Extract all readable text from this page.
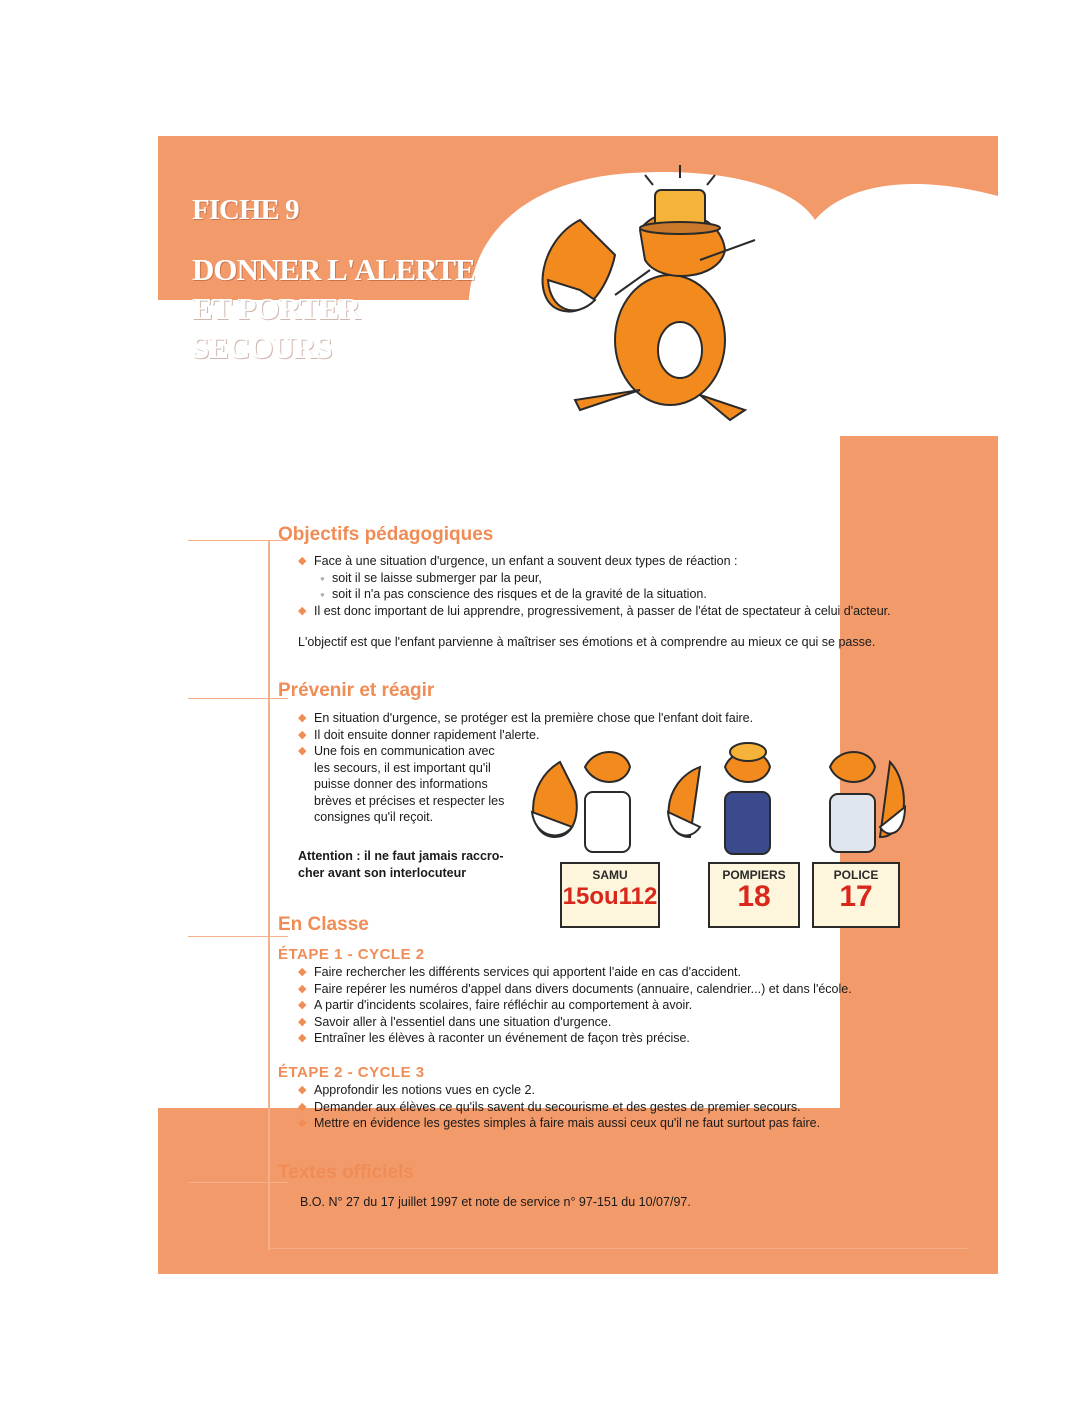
FICHE 9
DONNER L'ALERTE
ET PORTER
SECOURS
Objectifs pédagogiques
◆ Face à une situation d'urgence, un enfant a souvent deux types de réaction :
● soit il se laisse submerger par la peur,
● soit il n'a pas conscience des risques et de la gravité de la situation.
◆ Il est donc important de lui apprendre, progressivement, à passer de l'état de spectateur à celui d'acteur.
L'objectif est que l'enfant parvienne à maîtriser ses émotions et à comprendre au mieux ce qui se passe.
Prévenir et réagir
◆ En situation d'urgence, se protéger est la première chose que l'enfant doit faire.
◆ Il doit ensuite donner rapidement l'alerte.
◆ Une fois en communication avec
les secours, il est important qu'il
puisse donner des informations
brèves et précises et respecter les
consignes qu'il reçoit.
Attention : il ne faut jamais raccro-
cher avant son interlocuteur	SAMU
15ou112
POMPIERS
18
POLICE
17
En Classe
ÉTAPE 1 - CYCLE 2
◆ Faire rechercher les différents services qui apportent l'aide en cas d'accident.
◆ Faire repérer les numéros d'appel dans divers documents (annuaire, calendrier...) et dans l'école.
◆ A partir d'incidents scolaires, faire réfléchir au comportement à avoir.
◆ Savoir aller à l'essentiel dans une situation d'urgence.
◆ Entraîner les élèves à raconter un événement de façon très précise.
ÉTAPE 2 - CYCLE 3
◆ Approfondir les notions vues en cycle 2.
◆ Demander aux élèves ce qu'ils savent du secourisme et des gestes de premier secours.
◆ Mettre en évidence les gestes simples à faire mais aussi ceux qu'il ne faut surtout pas faire.
Textes officiels
B.O. N° 27 du 17 juillet 1997 et note de service n° 97-151 du 10/07/97.
